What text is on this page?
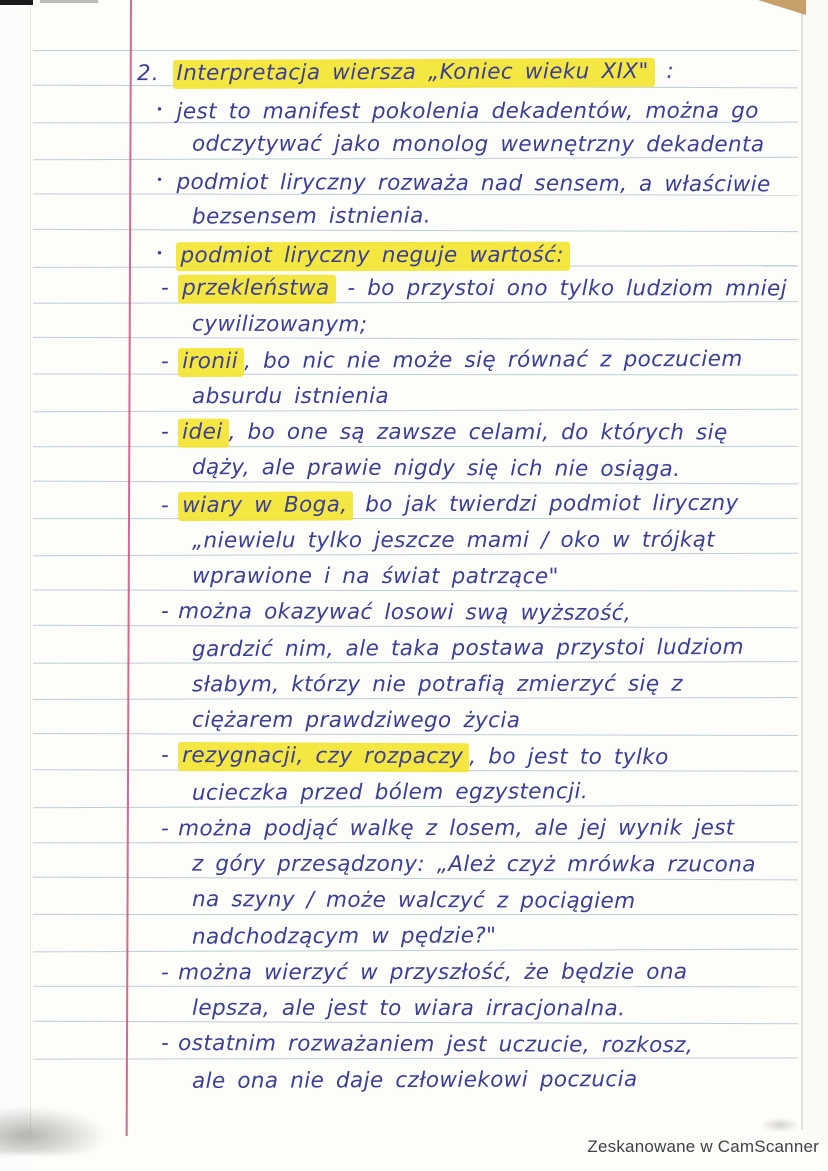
2. Interpretacja wiersza „Koniec wieku XIX" :
• jest to manifest pokolenia dekadentów, można go
odczytywać jako monolog wewnętrzny dekadenta
• podmiot liryczny rozważa nad sensem, a właściwie
bezsensem istnienia.
• podmiot liryczny neguje wartość:
- przekleństwa - bo przystoi ono tylko ludziom mniej
cywilizowanym;
- ironii , bo nic nie może się równać z poczuciem
absurdu istnienia
- idei , bo one są zawsze celami, do których się
dąży, ale prawie nigdy się ich nie osiąga.
- wiary w Boga, bo jak twierdzi podmiot liryczny
„niewielu tylko jeszcze mami / oko w trójkąt
wprawione i na świat patrzące"
- można okazywać losowi swą wyższość,
gardzić nim, ale taka postawa przystoi ludziom
słabym, którzy nie potrafią zmierzyć się z
ciężarem prawdziwego życia
- rezygnacji, czy rozpaczy , bo jest to tylko
ucieczka przed bólem egzystencji.
- można podjąć walkę z losem, ale jej wynik jest
z góry przesądzony: „Ależ czyż mrówka rzucona
na szyny / może walczyć z pociągiem
nadchodzącym w pędzie?"
- można wierzyć w przyszłość, że będzie ona
lepsza, ale jest to wiara irracjonalna.
- ostatnim rozważaniem jest uczucie, rozkosz,
ale ona nie daje człowiekowi poczucia
Zeskanowane w CamScanner
